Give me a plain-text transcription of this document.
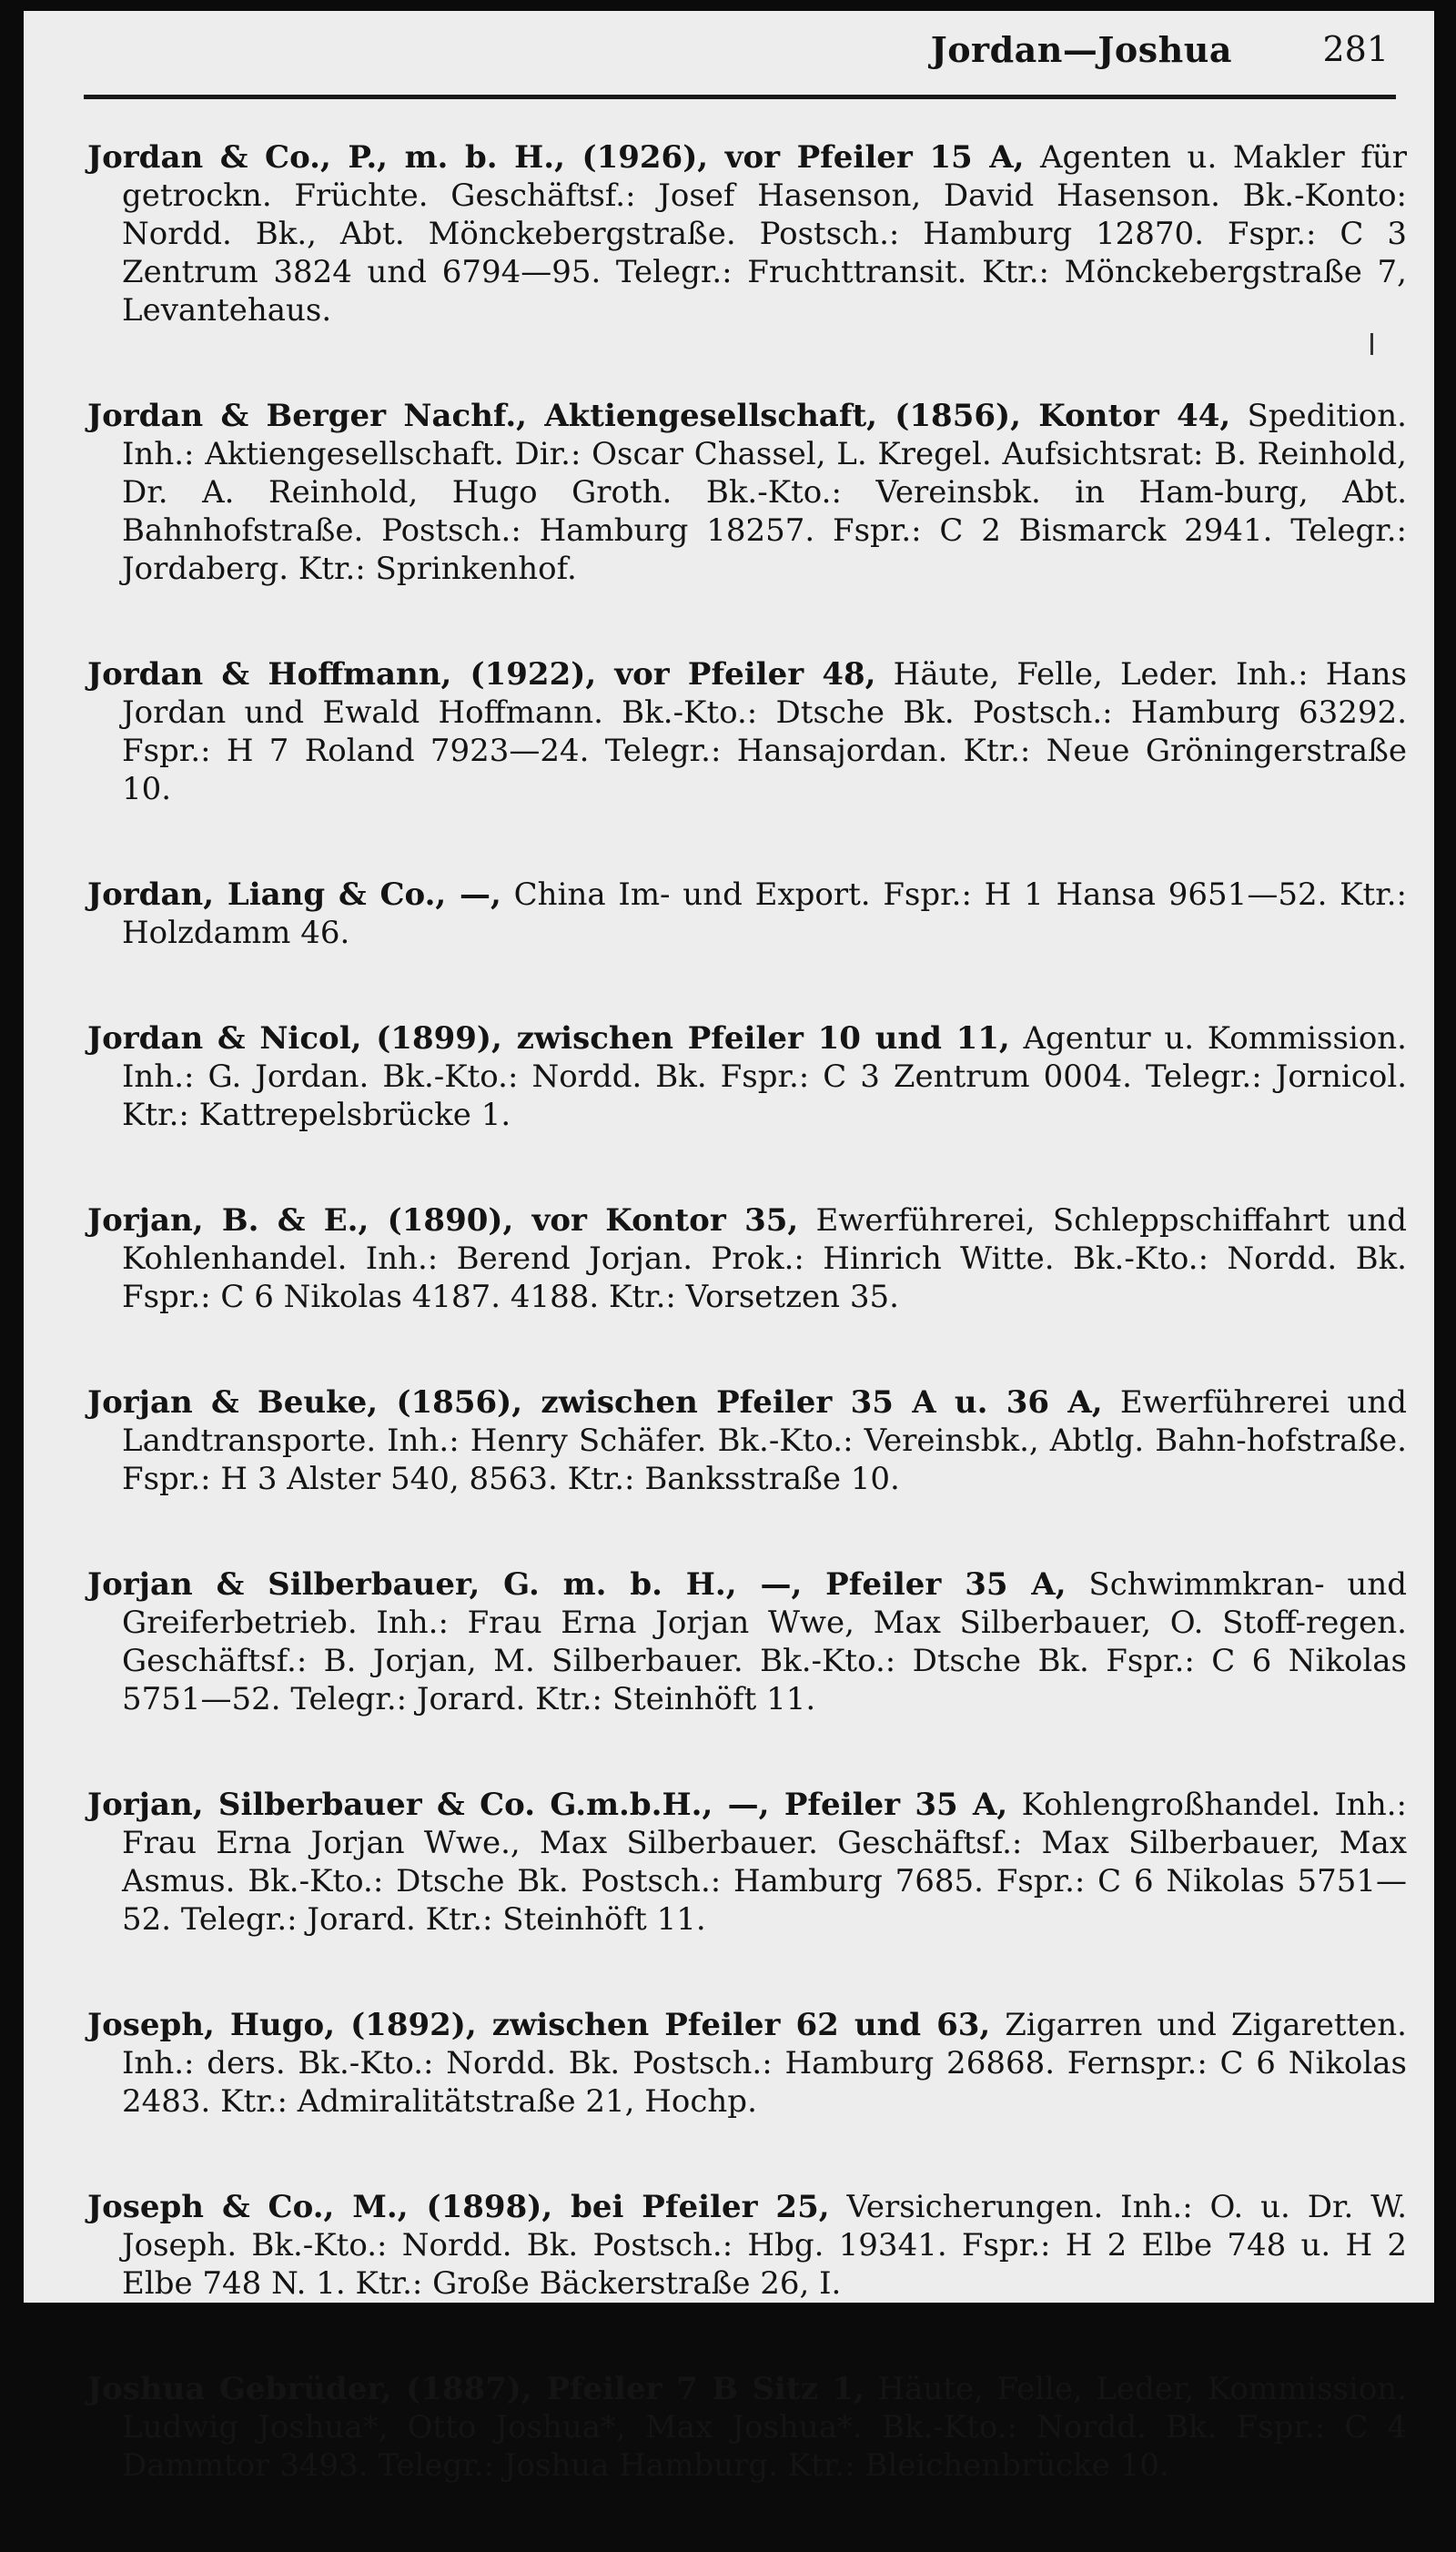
Jordan—Joshua	281

Jordan & Co., P., m. b. H., (1926), vor Pfeiler 15 A, Agenten u. Makler für getrockn. Früchte. Geschäftsf.: Josef Hasenson, David Hasenson. Bk.-Konto: Nordd. Bk., Abt. Mönckebergstraße. Postsch.: Hamburg 12870. Fspr.: C 3 Zentrum 3824 und 6794—95. Telegr.: Fruchttransit. Ktr.: Mönckebergstraße 7, Levantehaus.

Jordan & Berger Nachf., Aktiengesellschaft, (1856), Kontor 44, Spedition. Inh.: Aktiengesellschaft. Dir.: Oscar Chassel, L. Kregel. Aufsichtsrat: B. Reinhold, Dr. A. Reinhold, Hugo Groth. Bk.-Kto.: Vereinsbk. in Ham-burg, Abt. Bahnhofstraße. Postsch.: Hamburg 18257. Fspr.: C 2 Bismarck 2941. Telegr.: Jordaberg. Ktr.: Sprinkenhof.

Jordan & Hoffmann, (1922), vor Pfeiler 48, Häute, Felle, Leder. Inh.: Hans Jordan und Ewald Hoffmann. Bk.-Kto.: Dtsche Bk. Postsch.: Hamburg 63292. Fspr.: H 7 Roland 7923—24. Telegr.: Hansajordan. Ktr.: Neue Gröningerstraße 10.

Jordan, Liang & Co., —, China Im- und Export. Fspr.: H 1 Hansa 9651—52. Ktr.: Holzdamm 46.

Jordan & Nicol, (1899), zwischen Pfeiler 10 und 11, Agentur u. Kommission. Inh.: G. Jordan. Bk.-Kto.: Nordd. Bk. Fspr.: C 3 Zentrum 0004. Telegr.: Jornicol. Ktr.: Kattrepelsbrücke 1.

Jorjan, B. & E., (1890), vor Kontor 35, Ewerführerei, Schleppschiffahrt und Kohlenhandel. Inh.: Berend Jorjan. Prok.: Hinrich Witte. Bk.-Kto.: Nordd. Bk. Fspr.: C 6 Nikolas 4187. 4188. Ktr.: Vorsetzen 35.

Jorjan & Beuke, (1856), zwischen Pfeiler 35 A u. 36 A, Ewerführerei und Landtransporte. Inh.: Henry Schäfer. Bk.-Kto.: Vereinsbk., Abtlg. Bahn-hofstraße. Fspr.: H 3 Alster 540, 8563. Ktr.: Banksstraße 10.

Jorjan & Silberbauer, G. m. b. H., —, Pfeiler 35 A, Schwimmkran- und Greiferbetrieb. Inh.: Frau Erna Jorjan Wwe, Max Silberbauer, O. Stoff-regen. Geschäftsf.: B. Jorjan, M. Silberbauer. Bk.-Kto.: Dtsche Bk. Fspr.: C 6 Nikolas 5751—52. Telegr.: Jorard. Ktr.: Steinhöft 11.

Jorjan, Silberbauer & Co. G.m.b.H., —, Pfeiler 35 A, Kohlengroßhandel. Inh.: Frau Erna Jorjan Wwe., Max Silberbauer. Geschäftsf.: Max Silberbauer, Max Asmus. Bk.-Kto.: Dtsche Bk. Postsch.: Hamburg 7685. Fspr.: C 6 Nikolas 5751—52. Telegr.: Jorard. Ktr.: Steinhöft 11.

Joseph, Hugo, (1892), zwischen Pfeiler 62 und 63, Zigarren und Zigaretten. Inh.: ders. Bk.-Kto.: Nordd. Bk. Postsch.: Hamburg 26868. Fernspr.: C 6 Nikolas 2483. Ktr.: Admiralitätstraße 21, Hochp.

Joseph & Co., M., (1898), bei Pfeiler 25, Versicherungen. Inh.: O. u. Dr. W. Joseph. Bk.-Kto.: Nordd. Bk. Postsch.: Hbg. 19341. Fspr.: H 2 Elbe 748 u. H 2 Elbe 748 N. 1. Ktr.: Große Bäckerstraße 26, I.

Joshua Gebrüder, (1887), Pfeiler 7 B Sitz 1, Häute, Felle, Leder, Kommission. Ludwig Joshua*, Otto Joshua*, Max Joshua*. Bk.-Kto.: Nordd. Bk. Fspr.: C 4 Dammtor 3493. Telegr.: Joshua Hamburg. Ktr.: Bleichenbrücke 10.
